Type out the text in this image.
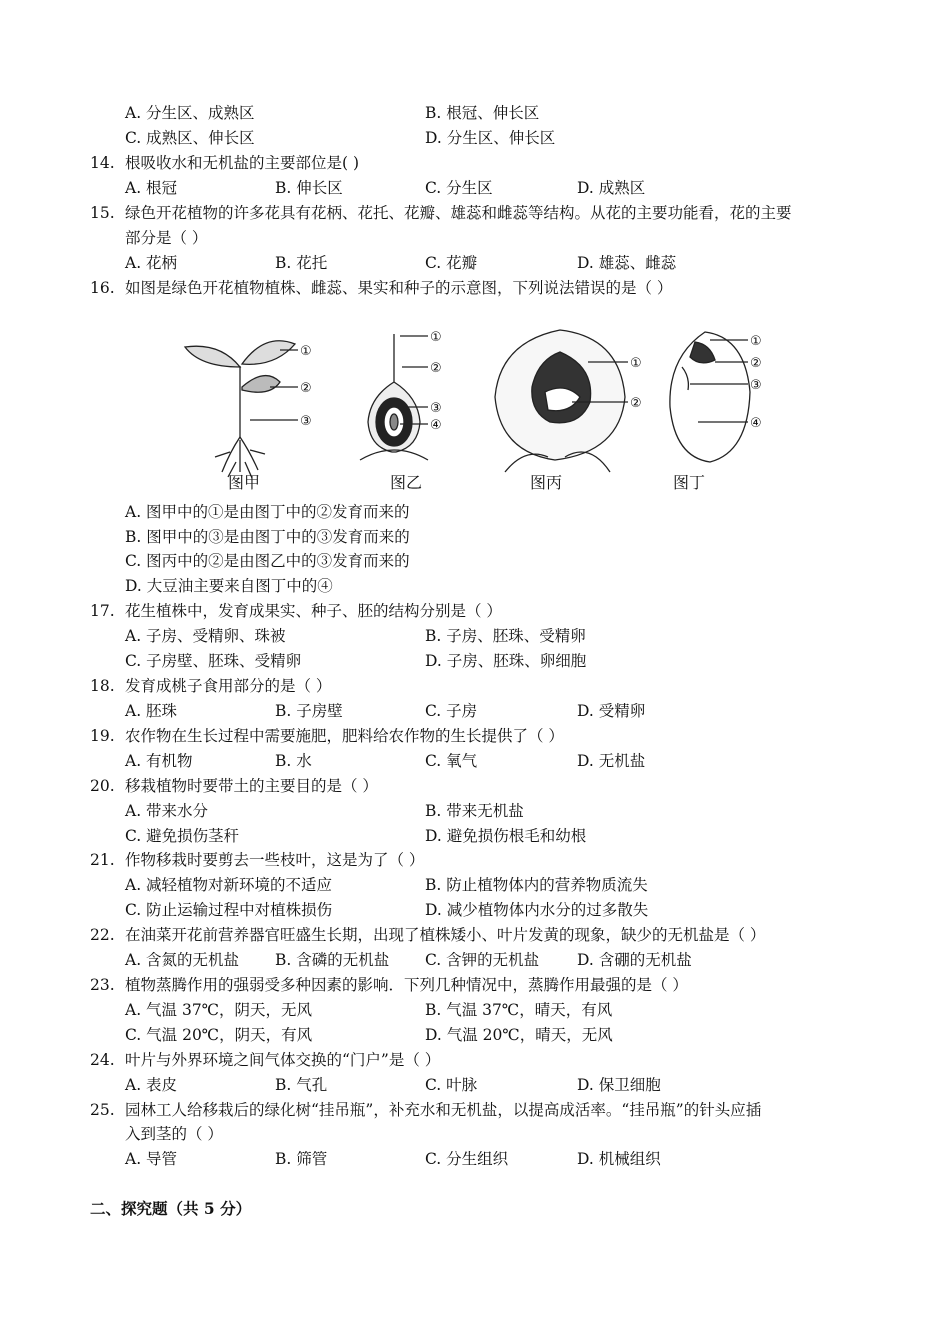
A. 分生区、成熟区	B. 根冠、伸长区
C. 成熟区、伸长区	D. 分生区、伸长区
14. 根吸收水和无机盐的主要部位是( )
A. 根冠	B. 伸长区	C. 分生区	D. 成熟区
15. 绿色开花植物的许多花具有花柄、花托、花瓣、雄蕊和雌蕊等结构。从花的主要功能看，花的主要
部分是（ ）
A. 花柄	B. 花托	C. 花瓣	D. 雄蕊、雌蕊
16. 如图是绿色开花植物植株、雌蕊、果实和种子的示意图，下列说法错误的是（ ）
①
②
③
①
②
③
④
①
②
①
②
③
④
图甲	图乙	图丙	图丁
A. 图甲中的①是由图丁中的②发育而来的
B. 图甲中的③是由图丁中的③发育而来的
C. 图丙中的②是由图乙中的③发育而来的
D. 大豆油主要来自图丁中的④
17. 花生植株中，发育成果实、种子、胚的结构分别是（ ）
A. 子房、受精卵、珠被	B. 子房、胚珠、受精卵
C. 子房壁、胚珠、受精卵	D. 子房、胚珠、卵细胞
18. 发育成桃子食用部分的是（ ）
A. 胚珠	B. 子房壁	C. 子房	D. 受精卵
19. 农作物在生长过程中需要施肥，肥料给农作物的生长提供了（ ）
A. 有机物	B. 水	C. 氧气	D. 无机盐
20. 移栽植物时要带土的主要目的是（ ）
A. 带来水分	B. 带来无机盐
C. 避免损伤茎秆	D. 避免损伤根毛和幼根
21. 作物移栽时要剪去一些枝叶，这是为了（ ）
A. 减轻植物对新环境的不适应	B. 防止植物体内的营养物质流失
C. 防止运输过程中对植株损伤	D. 减少植物体内水分的过多散失
22. 在油菜开花前营养器官旺盛生长期，出现了植株矮小、叶片发黄的现象，缺少的无机盐是（ ）
A. 含氮的无机盐 B. 含磷的无机盐 C. 含钾的无机盐 D. 含硼的无机盐
23. 植物蒸腾作用的强弱受多种因素的影响．下列几种情况中，蒸腾作用最强的是（ ）
A. 气温 37℃，阴天，无风	B. 气温 37℃，晴天，有风
C. 气温 20℃，阴天，有风	D. 气温 20℃，晴天，无风
24. 叶片与外界环境之间气体交换的“门户”是（ ）
A. 表皮	B. 气孔	C. 叶脉	D. 保卫细胞
25. 园林工人给移栽后的绿化树“挂吊瓶”，补充水和无机盐，以提高成活率。“挂吊瓶”的针头应插
入到茎的（ ）
A. 导管	B. 筛管	C. 分生组织	D. 机械组织
二、探究题（共 5 分）
